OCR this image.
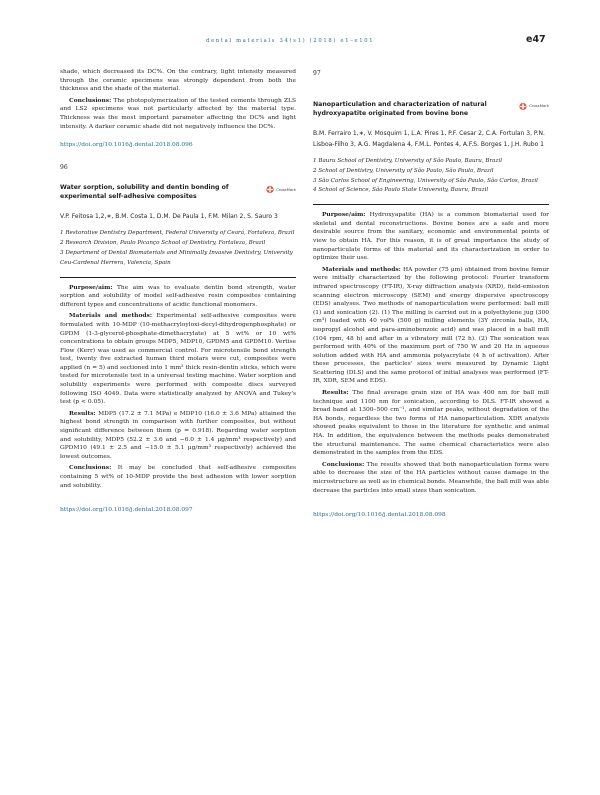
dental materials 34(s1) (2018) e1–e101	e47

shade, which decreased its DC%. On the contrary, light intensity measured through the ceramic specimens was strongly dependent from both the thickness and the shade of the material.

Conclusions: The photopolymerization of the tested cements through ZLS and LS2 specimens was not particularly affected by the material type. Thickness was the most important parameter affecting the DC% and light intensity. A darker ceramic shade did not negatively influence the DC%.

https://doi.org/10.1016/j.dental.2018.08.096
96
Water sorption, solubility and dentin bonding of experimental self-adhesive composites
CrossMark
V.P. Feitosa 1,2,∗, B.M. Costa 1, D.M. De Paula 1, F.M. Milan 2, S. Sauro 3
1 Restorative Dentistry Department, Federal University of Ceará, Fortaleza, Brazil
2 Research Division, Paulo Picanço School of Dentistry, Fortaleza, Brazil
3 Department of Dental Biomaterials and Minimally Invasive Dentistry, University Ceu-Cardenal Herrera, Valencia, Spain

Purpose/aim: The aim was to evaluate dentin bond strength, water sorption and solubility of model self-adhesive resin composites containing different types and concentrations of acidic functional monomers.

Materials and methods: Experimental self-adhesive composites were formulated with 10-MDP (10-methacryloyloxi-decyl-dihydrogenphosphate) or GPDM (1-3-glycerol-phosphate-dimethacrylate) at 5 wt% or 10 wt% concentrations to obtain groups MDP5, MDP10, GPDM5 and GPDM10. Vertise Flow (Kerr) was used as commercial control. For microtensile bond strength test, twenty five extracted human third molars were cut, composites were applied (n = 5) and sectioned into 1 mm² thick resin-dentin sticks, which were tested for microtensile test in a universal testing machine. Water sorption and solubility experiments were performed with composite discs surveyed following ISO 4049. Data were statistically analyzed by ANOVA and Tukey's test (p < 0.05).

Results: MDP5 (17.2 ± 7.1 MPa) e MDP10 (16.0 ± 3.6 MPa) attained the highest bond strength in comparison with further composites, but without significant difference between them (p = 0.918). Regarding water sorption and solubility, MDP5 (52.2 ± 3.6 and −6.0 ± 1.4 μg/mm³ respectively) and GPDM10 (49.1 ± 2.5 and −15.0 ± 5.1 μg/mm³ respectively) achieved the lowest outcomes.

Conclusions: It may be concluded that self-adhesive composites containing 5 wt% of 10-MDP provide the best adhesion with lower sorption and solubility.

https://doi.org/10.1016/j.dental.2018.08.097
97
Nanoparticulation and characterization of natural hydroxyapatite originated from bovine bone
CrossMark
B.M. Ferrairo 1,∗, V. Mosquim 1, L.A. Pires 1, P.F. Cesar 2, C.A. Fortulan 3, P.N. Lisboa-Filho 3, A.G. Magdalena 4, F.M.L. Pontes 4, A.F.S. Borges 1, J.H. Rubo 1
1 Bauru School of Dentistry, University of São Paulo, Bauru, Brazil
2 School of Dentistry, University of São Paulo, São Paulo, Brazil
3 São Carlos School of Engineering, University of São Paulo, São Carlos, Brazil
4 School of Science, São Paulo State University, Bauru, Brazil

Purpose/aim: Hydroxyapatite (HA) is a common biomaterial used for skeletal and dental reconstructions. Bovine bones are a safe and more desirable source from the sanitary, economic and environmental points of view to obtain HA. For this reason, it is of great importance the study of nanoparticulate forms of this material and its characterization in order to optimize their use.

Materials and methods: HA powder (75 μm) obtained from bovine femur were initially characterized by the following protocol: Fourier transform infrared spectroscopy (FT-IR), X-ray diffraction analysis (XRD), field-emission scanning electron microscopy (SEM) and energy dispersive spectroscopy (EDS) analyses. Two methods of nanoparticulation were performed: ball mill (1) and sonication (2). (1) The milling is carried out in a polyethylene jug (300 cm³) loaded with 40 vol% (500 g) milling elements (3Y zirconia balls, HA, isopropyl alcohol and para-aminobenzoic acid) and was placed in a ball mill (104 rpm, 48 h) and after in a vibratory mill (72 h). (2) The sonication was performed with 40% of the maximum port of 750 W and 20 Hz in aqueous solution added with HA and ammonia polyacrylate (4 h of activation). After these processes, the particles' sizes were measured by Dynamic Light Scattering (DLS) and the same protocol of initial analyses was performed (FT-IR, XDR, SEM and EDS).

Results: The final average grain size of HA was 400 nm for ball mill technique and 1100 nm for sonication, according to DLS. FT-IR showed a broad band at 1300–500 cm⁻¹, and similar peaks, without degradation of the HA bonds, regardless the two forms of HA nanoparticulation. XDR analysis showed peaks equivalent to those in the literature for synthetic and animal HA. In addition, the equivalence between the methods peaks demonstrated the structural maintenance. The same chemical characteristics were also demonstrated in the samples from the EDS.

Conclusions: The results showed that both nanoparticulation forms were able to decrease the size of the HA particles without cause damage in the microstructure as well as in chemical bonds. Meanwhile, the ball mill was able decrease the particles into small sizes than sonication.

https://doi.org/10.1016/j.dental.2018.08.098
